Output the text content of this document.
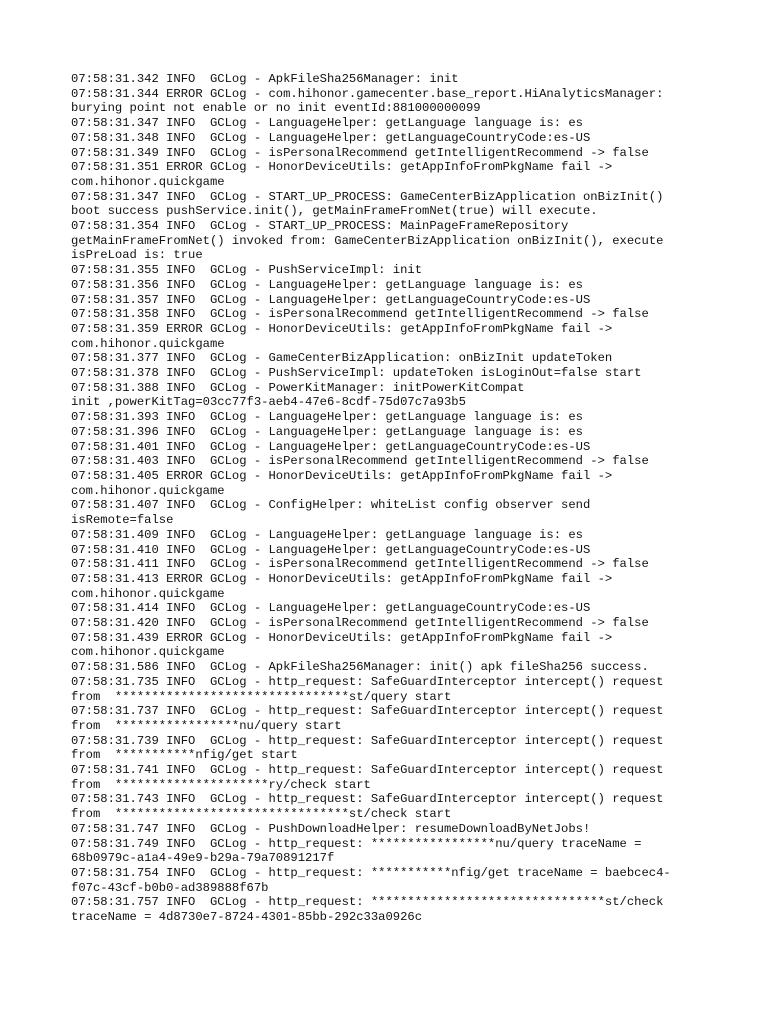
07:58:31.342 INFO  GCLog - ApkFileSha256Manager: init

07:58:31.344 ERROR GCLog - com.hihonor.gamecenter.base_report.HiAnalyticsManager:

burying point not enable or no init eventId:881000000099

07:58:31.347 INFO  GCLog - LanguageHelper: getLanguage language is: es

07:58:31.348 INFO  GCLog - LanguageHelper: getLanguageCountryCode:es-US

07:58:31.349 INFO  GCLog - isPersonalRecommend getIntelligentRecommend -> false

07:58:31.351 ERROR GCLog - HonorDeviceUtils: getAppInfoFromPkgName fail ->

com.hihonor.quickgame

07:58:31.347 INFO  GCLog - START_UP_PROCESS: GameCenterBizApplication onBizInit()

boot success pushService.init(), getMainFrameFromNet(true) will execute.

07:58:31.354 INFO  GCLog - START_UP_PROCESS: MainPageFrameRepository

getMainFrameFromNet() invoked from: GameCenterBizApplication onBizInit(), execute

isPreLoad is: true

07:58:31.355 INFO  GCLog - PushServiceImpl: init

07:58:31.356 INFO  GCLog - LanguageHelper: getLanguage language is: es

07:58:31.357 INFO  GCLog - LanguageHelper: getLanguageCountryCode:es-US

07:58:31.358 INFO  GCLog - isPersonalRecommend getIntelligentRecommend -> false

07:58:31.359 ERROR GCLog - HonorDeviceUtils: getAppInfoFromPkgName fail ->

com.hihonor.quickgame

07:58:31.377 INFO  GCLog - GameCenterBizApplication: onBizInit updateToken

07:58:31.378 INFO  GCLog - PushServiceImpl: updateToken isLoginOut=false start

07:58:31.388 INFO  GCLog - PowerKitManager: initPowerKitCompat

init ,powerKitTag=03cc77f3-aeb4-47e6-8cdf-75d07c7a93b5

07:58:31.393 INFO  GCLog - LanguageHelper: getLanguage language is: es

07:58:31.396 INFO  GCLog - LanguageHelper: getLanguage language is: es

07:58:31.401 INFO  GCLog - LanguageHelper: getLanguageCountryCode:es-US

07:58:31.403 INFO  GCLog - isPersonalRecommend getIntelligentRecommend -> false

07:58:31.405 ERROR GCLog - HonorDeviceUtils: getAppInfoFromPkgName fail ->

com.hihonor.quickgame

07:58:31.407 INFO  GCLog - ConfigHelper: whiteList config observer send

isRemote=false

07:58:31.409 INFO  GCLog - LanguageHelper: getLanguage language is: es

07:58:31.410 INFO  GCLog - LanguageHelper: getLanguageCountryCode:es-US

07:58:31.411 INFO  GCLog - isPersonalRecommend getIntelligentRecommend -> false

07:58:31.413 ERROR GCLog - HonorDeviceUtils: getAppInfoFromPkgName fail ->

com.hihonor.quickgame

07:58:31.414 INFO  GCLog - LanguageHelper: getLanguageCountryCode:es-US

07:58:31.420 INFO  GCLog - isPersonalRecommend getIntelligentRecommend -> false

07:58:31.439 ERROR GCLog - HonorDeviceUtils: getAppInfoFromPkgName fail ->

com.hihonor.quickgame

07:58:31.586 INFO  GCLog - ApkFileSha256Manager: init() apk fileSha256 success.

07:58:31.735 INFO  GCLog - http_request: SafeGuardInterceptor intercept() request

from  ********************************st/query start

07:58:31.737 INFO  GCLog - http_request: SafeGuardInterceptor intercept() request

from  *****************nu/query start

07:58:31.739 INFO  GCLog - http_request: SafeGuardInterceptor intercept() request

from  ***********nfig/get start

07:58:31.741 INFO  GCLog - http_request: SafeGuardInterceptor intercept() request

from  *********************ry/check start

07:58:31.743 INFO  GCLog - http_request: SafeGuardInterceptor intercept() request

from  ********************************st/check start

07:58:31.747 INFO  GCLog - PushDownloadHelper: resumeDownloadByNetJobs!

07:58:31.749 INFO  GCLog - http_request: *****************nu/query traceName =

68b0979c-a1a4-49e9-b29a-79a70891217f

07:58:31.754 INFO  GCLog - http_request: ***********nfig/get traceName = baebcec4-

f07c-43cf-b0b0-ad389888f67b

07:58:31.757 INFO  GCLog - http_request: ********************************st/check

traceName = 4d8730e7-8724-4301-85bb-292c33a0926c
